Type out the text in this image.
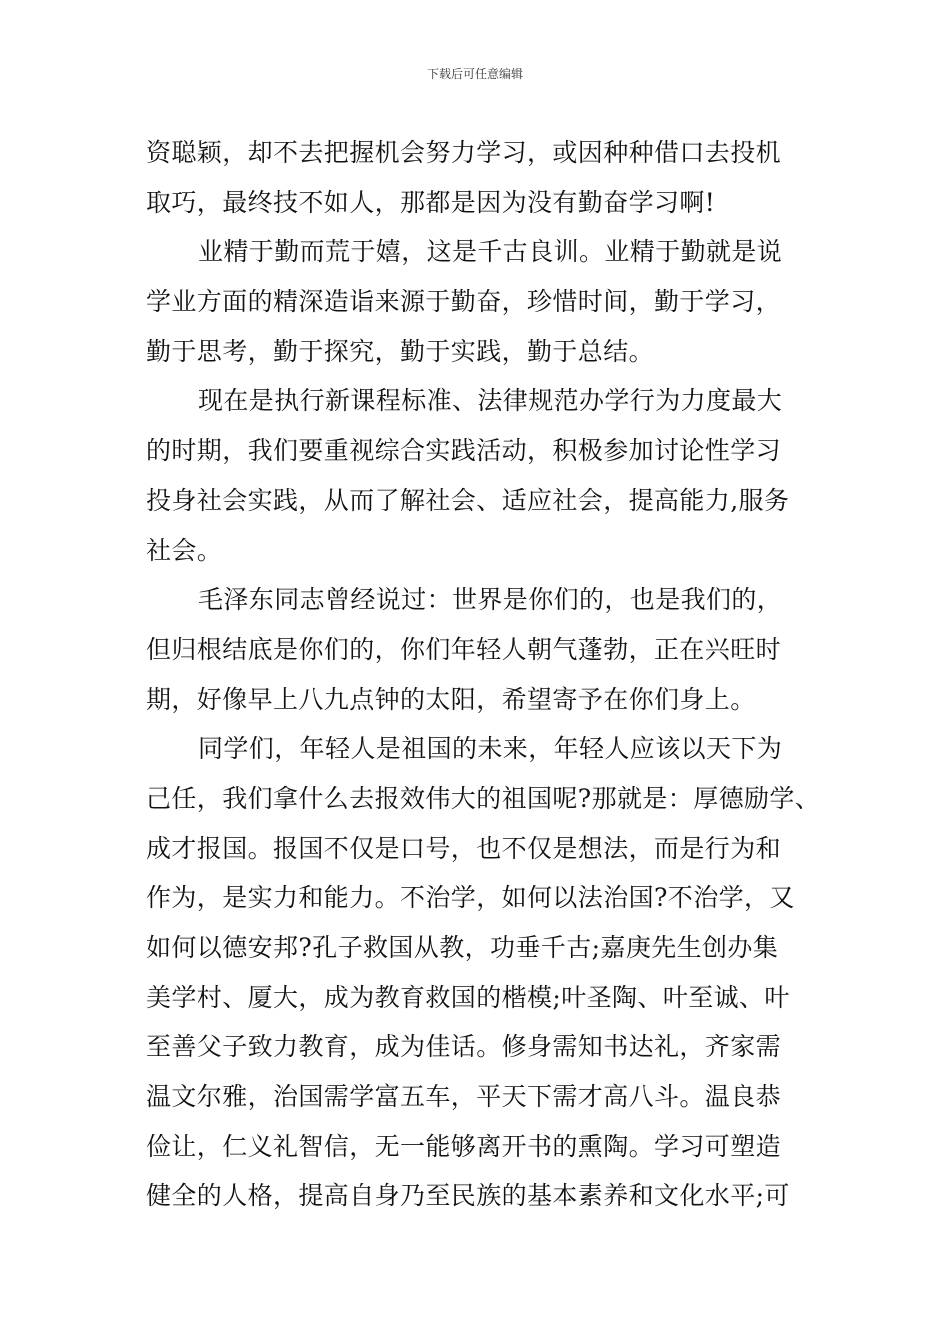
下载后可任意编辑
资聪颖，却不去把握机会努力学习，或因种种借口去投机
取巧，最终技不如人，那都是因为没有勤奋学习啊!
业精于勤而荒于嬉，这是千古良训。业精于勤就是说
学业方面的精深造诣来源于勤奋，珍惜时间，勤于学习，
勤于思考，勤于探究，勤于实践，勤于总结。
现在是执行新课程标准、法律规范办学行为力度最大
的时期，我们要重视综合实践活动，积极参加讨论性学习
投身社会实践，从而了解社会、适应社会，提高能力,服务
社会。
毛泽东同志曾经说过：世界是你们的，也是我们的，
但归根结底是你们的，你们年轻人朝气蓬勃，正在兴旺时
期，好像早上八九点钟的太阳，希望寄予在你们身上。
同学们，年轻人是祖国的未来，年轻人应该以天下为
己任，我们拿什么去报效伟大的祖国呢?那就是：厚德励学、
成才报国。报国不仅是口号，也不仅是想法，而是行为和
作为，是实力和能力。不治学，如何以法治国?不治学，又
如何以德安邦?孔子救国从教，功垂千古;嘉庚先生创办集
美学村、厦大，成为教育救国的楷模;叶圣陶、叶至诚、叶
至善父子致力教育，成为佳话。修身需知书达礼，齐家需
温文尔雅，治国需学富五车，平天下需才高八斗。温良恭
俭让，仁义礼智信，无一能够离开书的熏陶。学习可塑造
健全的人格，提高自身乃至民族的基本素养和文化水平;可
